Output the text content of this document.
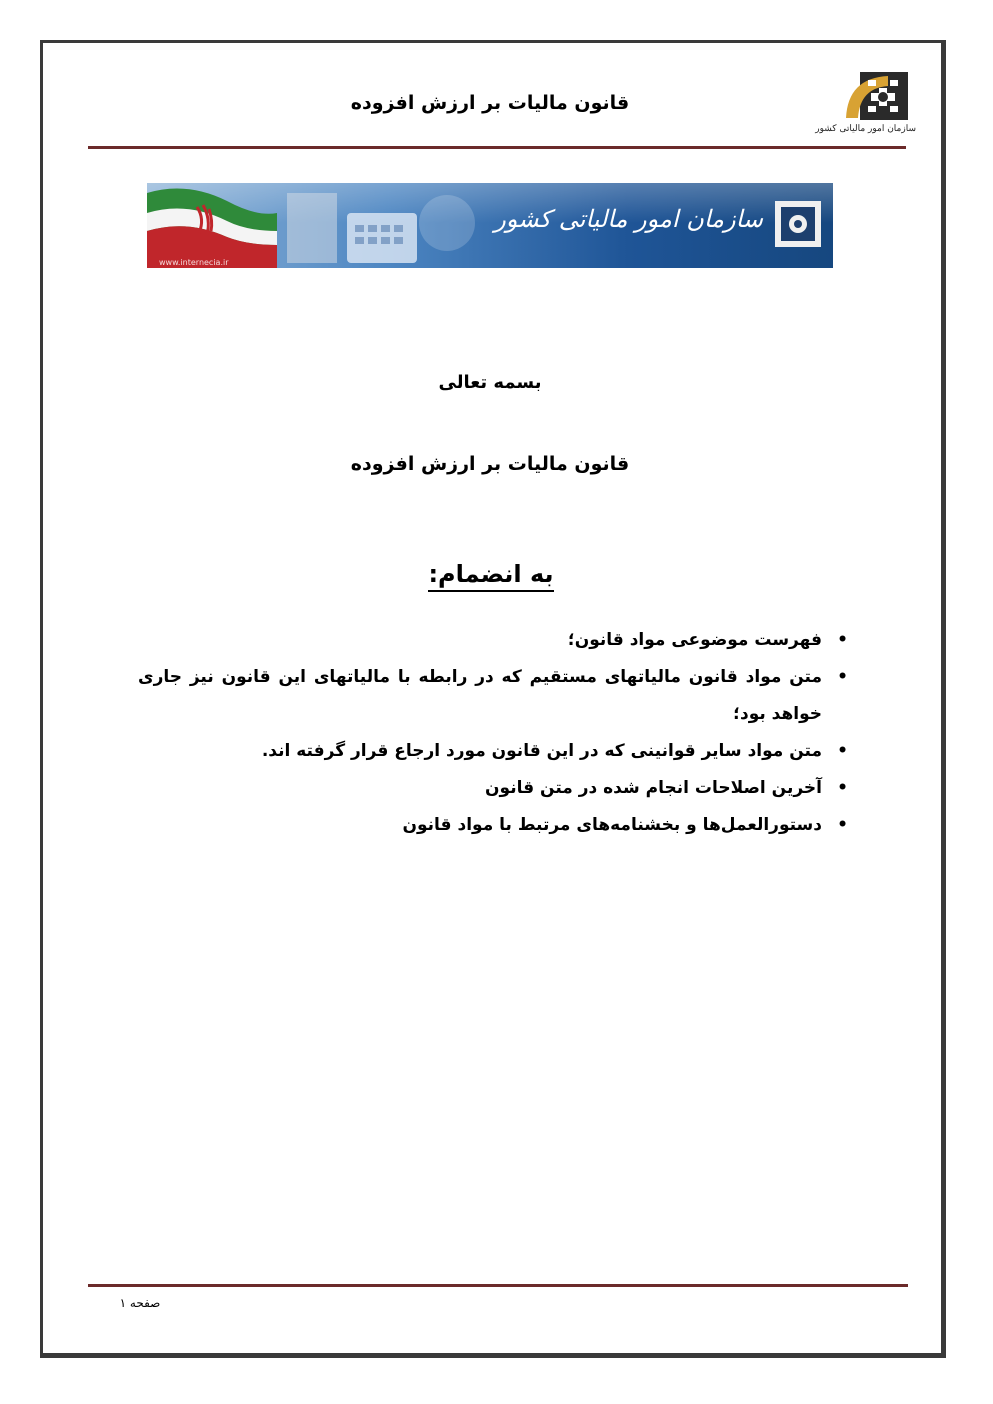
قانون مالیات بر ارزش افزوده
سازمان امور مالیاتی کشور
www.internecia.ir
سازمان امور مالیاتی کشور
بسمه تعالی
قانون مالیات بر ارزش افزوده
به انضمام:
• فهرست موضوعی مواد قانون؛
• متن مواد قانون مالیاتهای مستقیم که در رابطه با مالیاتهای این قانون نیز جاری خواهد بود؛
• متن مواد سایر قوانینی که در این قانون مورد ارجاع قرار گرفته اند.
• آخرین اصلاحات انجام شده در متن قانون
• دستورالعمل‌ها و بخشنامه‌های مرتبط با مواد قانون
صفحه ۱
